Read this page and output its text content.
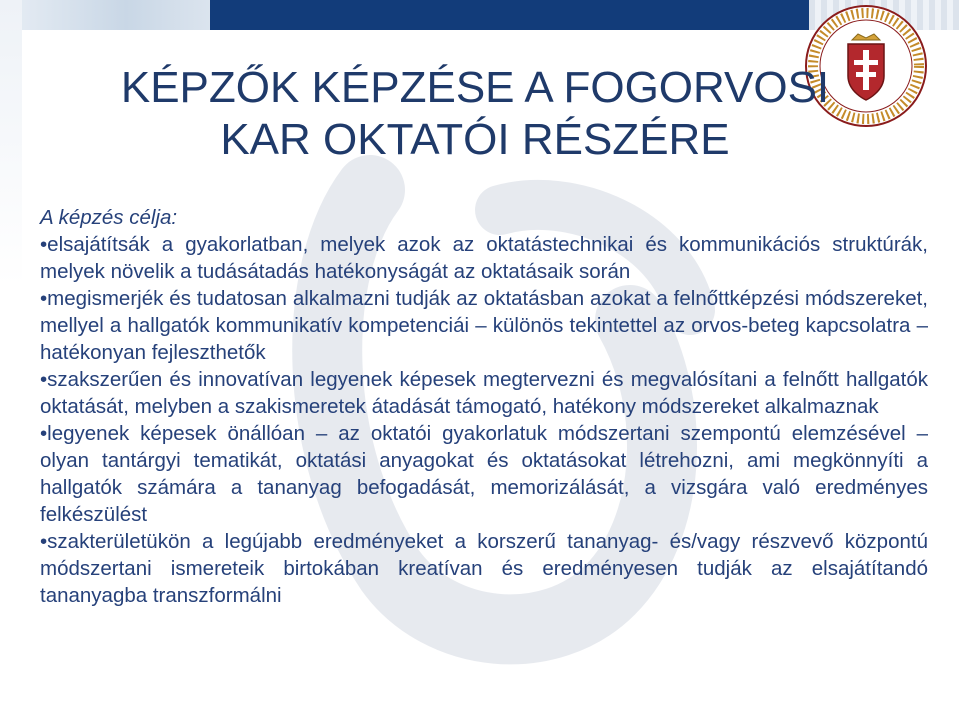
KÉPZŐK KÉPZÉSE A FOGORVOSI
KAR OKTATÓI RÉSZÉRE

A képzés célja:

•elsajátítsák a gyakorlatban, melyek azok az oktatástechnikai és kommunikációs struktúrák, melyek növelik a tudásátadás hatékonyságát az oktatásaik során

•megismerjék és tudatosan alkalmazni tudják az oktatásban azokat a felnőttképzési módszereket, mellyel a hallgatók kommunikatív kompetenciái – különös tekintettel az orvos-beteg kapcsolatra – hatékonyan fejleszthetők

•szakszerűen és innovatívan legyenek képesek megtervezni és megvalósítani a felnőtt hallgatók oktatását, melyben a szakismeretek átadását támogató, hatékony módszereket alkalmaznak

•legyenek képesek önállóan – az oktatói gyakorlatuk módszertani szempontú elemzésével – olyan tantárgyi tematikát, oktatási anyagokat és oktatásokat létrehozni, ami megkönnyíti a hallgatók számára a tananyag befogadását, memorizálását, a vizsgára való eredményes felkészülést

•szakterületükön a legújabb eredményeket a korszerű tananyag- és/vagy részvevő központú módszertani ismereteik birtokában kreatívan és eredményesen tudják az elsajátítandó tananyagba transzformálni
